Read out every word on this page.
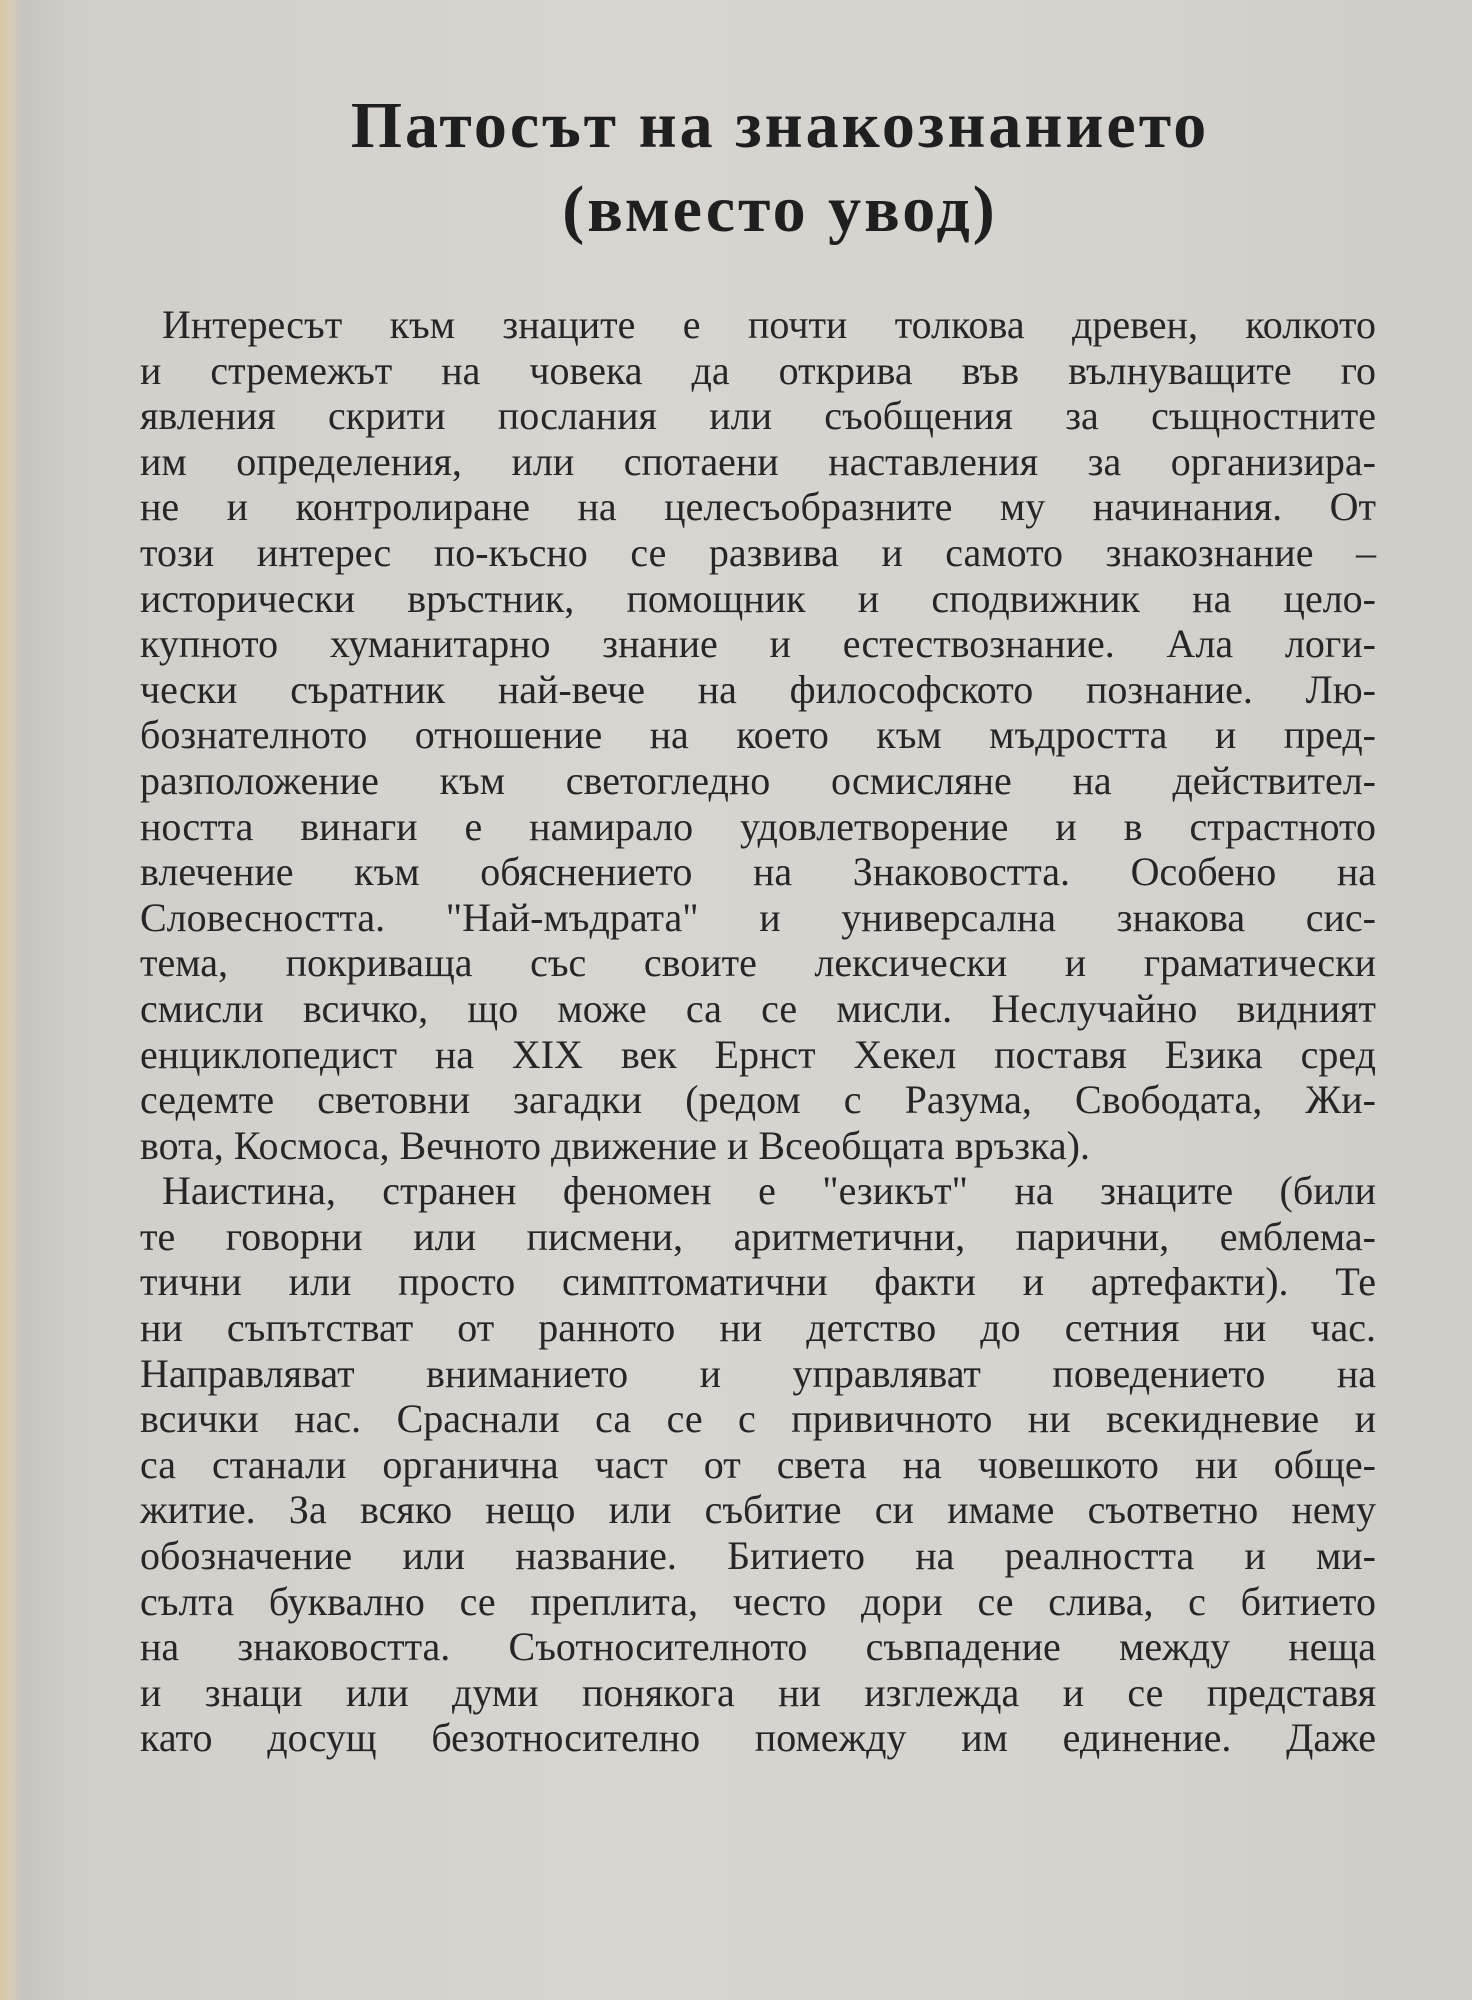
Патосът на знакознанието
(вместо увод)
Интересът към знаците е почти толкова древен, колкото
и стремежът на човека да открива във вълнуващите го
явления скрити послания или съобщения за същностните
им определения, или спотаени наставления за организира-
не и контролиране на целесъобразните му начинания. От
този интерес по-късно се развива и самото знакознание –
исторически връстник, помощник и сподвижник на цело-
купното хуманитарно знание и естествознание. Ала логи-
чески съратник най-вече на философското познание. Лю-
бознателното отношение на което към мъдростта и пред-
разположение към светогледно осмисляне на действител-
ността винаги е намирало удовлетворение и в страстното
влечение към обяснението на Знаковостта. Особено на
Словесността. "Най-мъдрата" и универсална знакова сис-
тема, покриваща със своите лексически и граматически
смисли всичко, що може са се мисли. Неслучайно видният
енциклопедист на XIX век Ернст Хекел поставя Езика сред
седемте световни загадки (редом с Разума, Свободата, Жи-
вота, Космоса, Вечното движение и Всеобщата връзка).
Наистина, странен феномен е "езикът" на знаците (били
те говорни или писмени, аритметични, парични, емблема-
тични или просто симптоматични факти и артефакти). Те
ни съпътстват от ранното ни детство до сетния ни час.
Направляват вниманието и управляват поведението на
всички нас. Сраснали са се с привичното ни всекидневие и
са станали органична част от света на човешкото ни обще-
житие. За всяко нещо или събитие си имаме съответно нему
обозначение или название. Битието на реалността и ми-
сълта буквално се преплита, често дори се слива, с битието
на знаковостта. Съотносителното съвпадение между неща
и знаци или думи понякога ни изглежда и се представя
като досущ безотносително помежду им единение. Даже
